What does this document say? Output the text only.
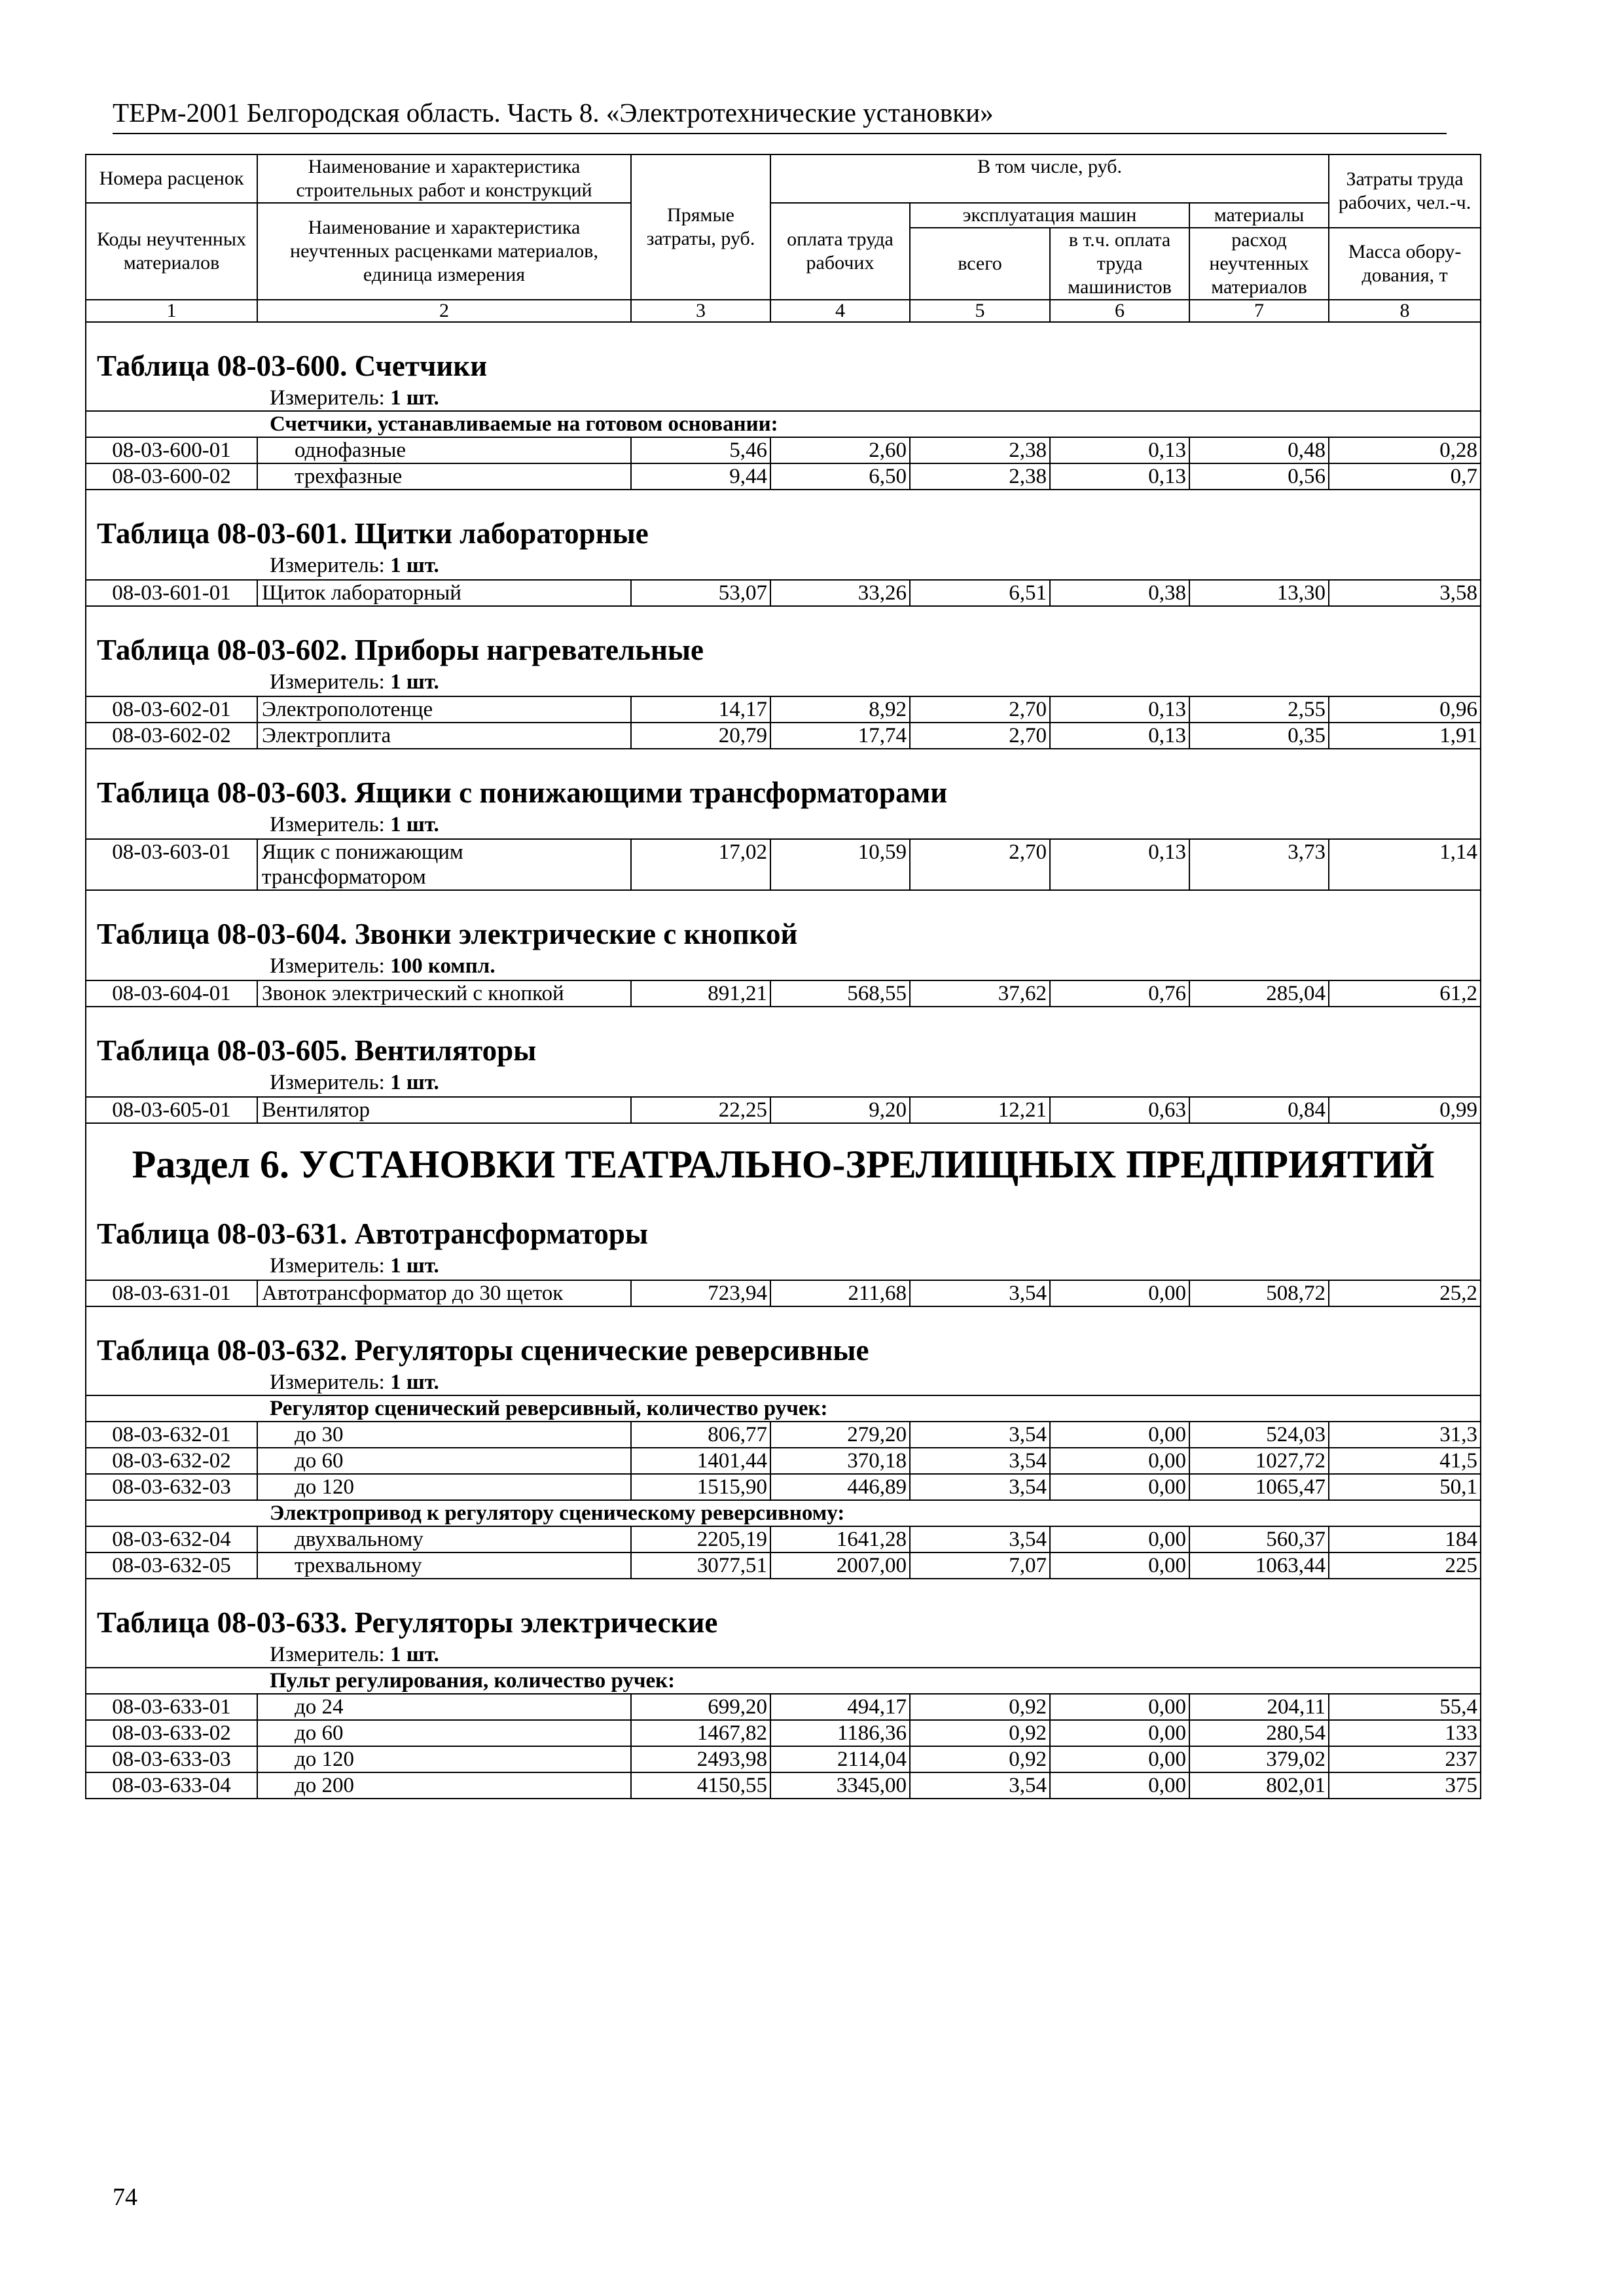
ТЕРм-2001 Белгородская область. Часть 8. «Электротехнические установки»
Номера расценок	Наименование и характеристика строительных работ и конструкций	Прямые затраты, руб.	В том числе, руб.				Затраты труда рабочих, чел.-ч.
Коды неучтенных материалов	Наименование и характеристика неучтенных расценками материалов, единица измерения		оплата труда рабочих	эксплуатация машин		материалы	
				всего	в т.ч. оплата труда машинистов	расход неучтенных материалов	Масса обору-дования, т
1	2	3	4	5	6	7	8
Таблица 08-03-600. Счетчики							
Измеритель: 1 шт.							
Счетчики, устанавливаемые на готовом основании:							
08-03-600-01	однофазные	5,46	2,60	2,38	0,13	0,48	0,28
08-03-600-02	трехфазные	9,44	6,50	2,38	0,13	0,56	0,7
Таблица 08-03-601. Щитки лабораторные							
Измеритель: 1 шт.							

08-03-601-01	Щиток лабораторный	53,07	33,26	6,51	0,38	13,30	3,58
Таблица 08-03-602. Приборы нагревательные							
Измеритель: 1 шт.							

08-03-602-01	Электрополотенце	14,17	8,92	2,70	0,13	2,55	0,96
08-03-602-02	Электроплита	20,79	17,74	2,70	0,13	0,35	1,91
Таблица 08-03-603. Ящики с понижающими трансформаторами							
Измеритель: 1 шт.							

08-03-603-01	Ящик с понижающим трансформатором	17,02	10,59	2,70	0,13	3,73	1,14
Таблица 08-03-604. Звонки электрические с кнопкой							
Измеритель: 100 компл.							

08-03-604-01	Звонок электрический с кнопкой	891,21	568,55	37,62	0,76	285,04	61,2
Таблица 08-03-605. Вентиляторы							
Измеритель: 1 шт.							

08-03-605-01	Вентилятор	22,25	9,20	12,21	0,63	0,84	0,99
Раздел 6. УСТАНОВКИ ТЕАТРАЛЬНО-ЗРЕЛИЩНЫХ ПРЕДПРИЯТИЙ							
Таблица 08-03-631. Автотрансформаторы							
Измеритель: 1 шт.							

08-03-631-01	Автотрансформатор до 30 щеток	723,94	211,68	3,54	0,00	508,72	25,2
Таблица 08-03-632. Регуляторы сценические реверсивные							
Измеритель: 1 шт.							
Регулятор сценический реверсивный, количество ручек:							
08-03-632-01	до 30	806,77	279,20	3,54	0,00	524,03	31,3
08-03-632-02	до 60	1401,44	370,18	3,54	0,00	1027,72	41,5
08-03-632-03	до 120	1515,90	446,89	3,54	0,00	1065,47	50,1
Электропривод к регулятору сценическому реверсивному:							
08-03-632-04	двухвальному	2205,19	1641,28	3,54	0,00	560,37	184
08-03-632-05	трехвальному	3077,51	2007,00	7,07	0,00	1063,44	225
Таблица 08-03-633. Регуляторы электрические							
Измеритель: 1 шт.							
Пульт регулирования, количество ручек:							
08-03-633-01	до 24	699,20	494,17	0,92	0,00	204,11	55,4
08-03-633-02	до 60	1467,82	1186,36	0,92	0,00	280,54	133
08-03-633-03	до 120	2493,98	2114,04	0,92	0,00	379,02	237
08-03-633-04	до 200	4150,55	3345,00	3,54	0,00	802,01	375
74
